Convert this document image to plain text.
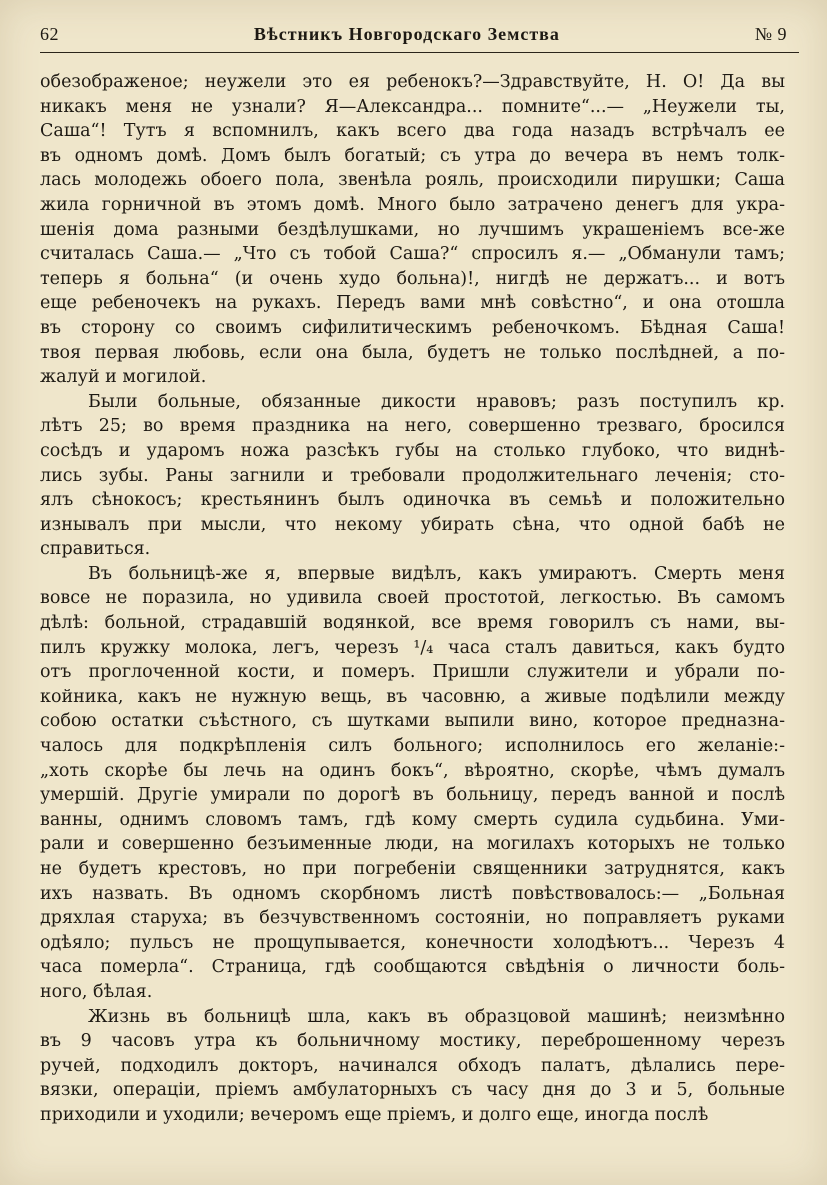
62	Вѣстникъ Новгородскаго Земства	№ 9
обезображеное; неужели это ея ребенокъ?—Здравствуйте, Н. О! Да вы
никакъ меня не узнали? Я—Александра... помните“...— „Неужели ты,
Саша“! Тутъ я вспомнилъ, какъ всего два года назадъ встрѣчалъ ее
въ одномъ домѣ. Домъ былъ богатый; съ утра до вечера въ немъ толк-
лась молодежь обоего пола, звенѣла рояль, происходили пирушки; Саша
жила горничной въ этомъ домѣ. Много было затрачено денегъ для укра-
шенія дома разными бездѣлушками, но лучшимъ украшеніемъ все-же
считалась Саша.— „Что съ тобой Саша?“ спросилъ я.— „Обманули тамъ;
теперь я больна“ (и очень худо больна)!, нигдѣ не держатъ... и вотъ
еще ребеночекъ на рукахъ. Передъ вами мнѣ совѣстно“, и она отошла
въ сторону со своимъ сифилитическимъ ребеночкомъ. Бѣдная Саша!
твоя первая любовь, если она была, будетъ не только послѣдней, а по-
жалуй и могилой.
Были больные, обязанные дикости нравовъ; разъ поступилъ кр.
лѣтъ 25; во время праздника на него, совершенно трезваго, бросился
сосѣдъ и ударомъ ножа разсѣкъ губы на столько глубоко, что виднѣ-
лись зубы. Раны загнили и требовали продолжительнаго леченія; сто-
ялъ сѣнокосъ; крестьянинъ былъ одиночка въ семьѣ и положительно
изнывалъ при мысли, что некому убирать сѣна, что одной бабѣ не
справиться.
Въ больницѣ-же я, впервые видѣлъ, какъ умираютъ. Смерть меня
вовсе не поразила, но удивила своей простотой, легкостью. Въ самомъ
дѣлѣ: больной, страдавшій водянкой, все время говорилъ съ нами, вы-
пилъ кружку молока, легъ, черезъ ¹/₄ часа сталъ давиться, какъ будто
отъ проглоченной кости, и померъ. Пришли служители и убрали по-
койника, какъ не нужную вещь, въ часовню, а живые подѣлили между
собою остатки съѣстного, съ шутками выпили вино, которое предназна-
чалось для подкрѣпленія силъ больного; исполнилось его желаніе:-
„хоть скорѣе бы лечь на одинъ бокъ“, вѣроятно, скорѣе, чѣмъ думалъ
умершій. Другіе умирали по дорогѣ въ больницу, передъ ванной и послѣ
ванны, однимъ словомъ тамъ, гдѣ кому смерть судила судьбина. Уми-
рали и совершенно безъименные люди, на могилахъ которыхъ не только
не будетъ крестовъ, но при погребеніи священники затруднятся, какъ
ихъ назвать. Въ одномъ скорбномъ листѣ повѣствовалось:— „Больная
дряхлая старуха; въ безчувственномъ состояніи, но поправляетъ руками
одѣяло; пульсъ не прощупывается, конечности холодѣютъ... Черезъ 4
часа померла“. Страница, гдѣ сообщаются свѣдѣнія о личности боль-
ного, бѣлая.
Жизнь въ больницѣ шла, какъ въ образцовой машинѣ; неизмѣнно
въ 9 часовъ утра къ больничному мостику, переброшенному черезъ
ручей, подходилъ докторъ, начинался обходъ палатъ, дѣлались пере-
вязки, операціи, пріемъ амбулаторныхъ съ часу дня до 3 и 5, больные
приходили и уходили; вечеромъ еще пріемъ, и долго еще, иногда послѣ
